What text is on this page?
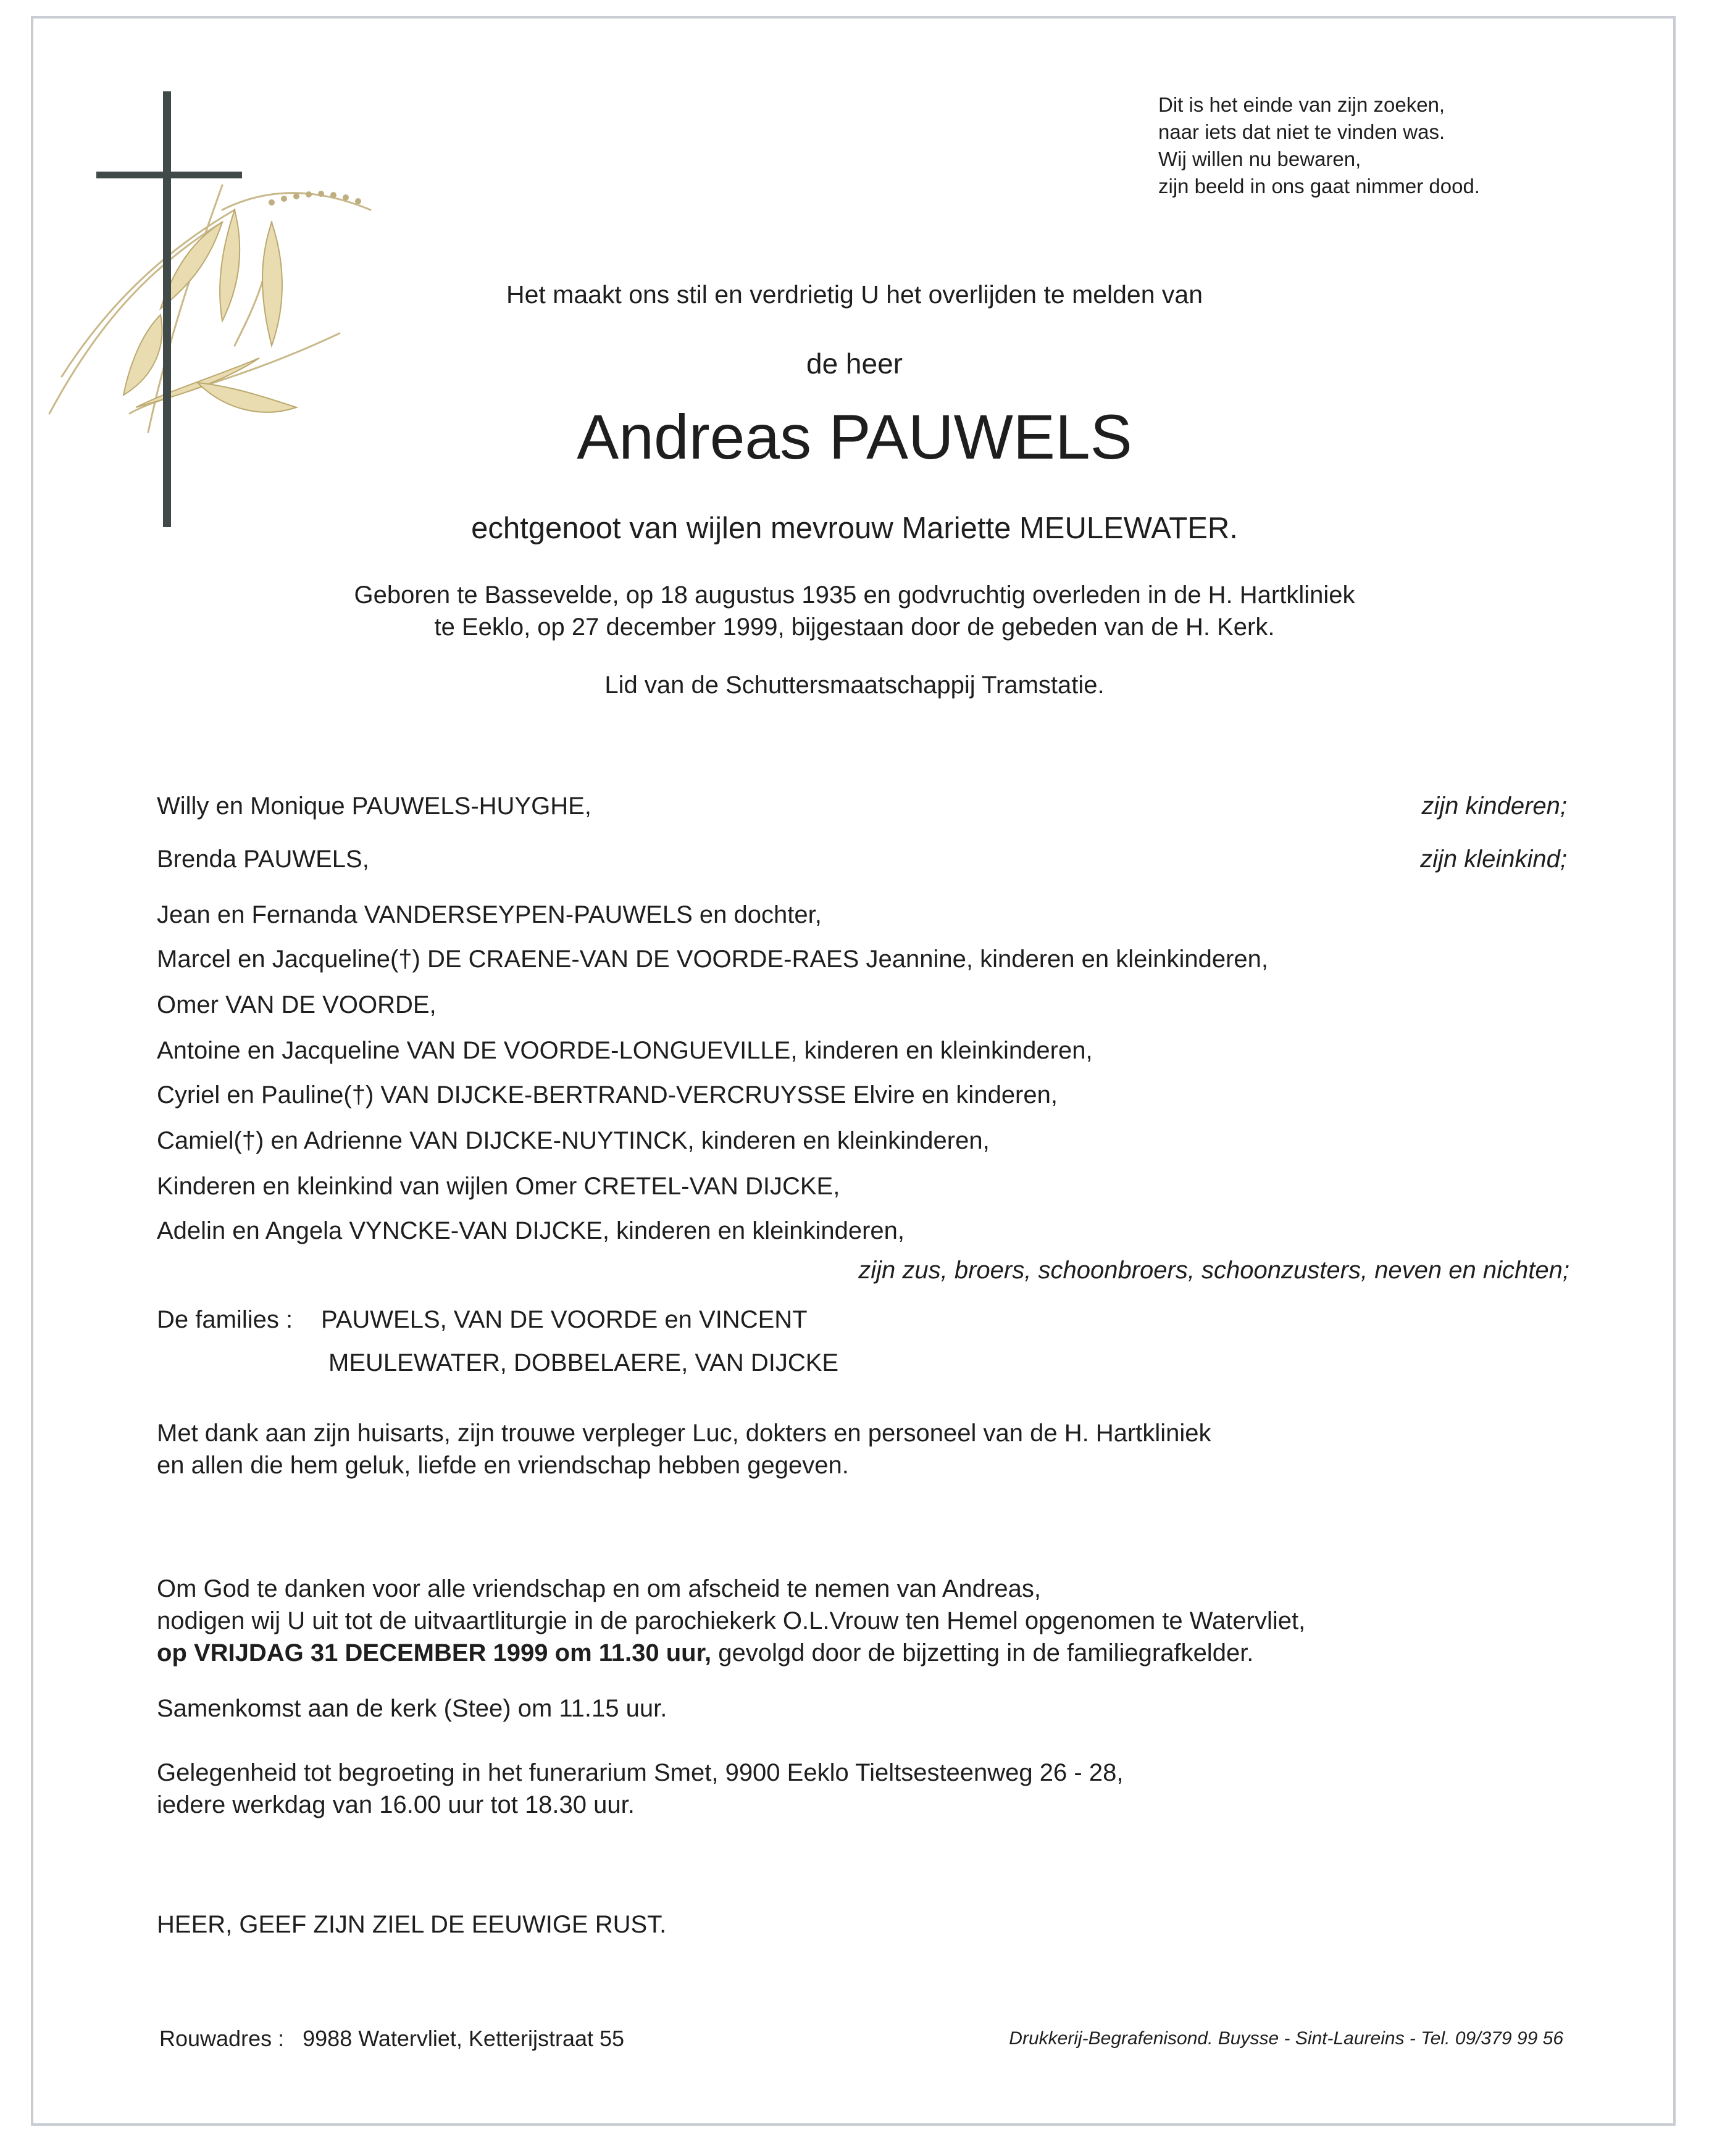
Dit is het einde van zijn zoeken,
naar iets dat niet te vinden was.
Wij willen nu bewaren,
zijn beeld in ons gaat nimmer dood.
Het maakt ons stil en verdrietig U het overlijden te melden van
de heer
Andreas PAUWELS
echtgenoot van wijlen mevrouw Mariette MEULEWATER.
Geboren te Bassevelde, op 18 augustus 1935 en godvruchtig overleden in de H. Hartkliniek
te Eeklo, op 27 december 1999, bijgestaan door de gebeden van de H. Kerk.
Lid van de Schuttersmaatschappij Tramstatie.
Willy en Monique PAUWELS-HUYGHE,	zijn kinderen;
Brenda PAUWELS,	zijn kleinkind;
Jean en Fernanda VANDERSEYPEN-PAUWELS en dochter,
Marcel en Jacqueline(†) DE CRAENE-VAN DE VOORDE-RAES Jeannine, kinderen en kleinkinderen,
Omer VAN DE VOORDE,
Antoine en Jacqueline VAN DE VOORDE-LONGUEVILLE, kinderen en kleinkinderen,
Cyriel en Pauline(†) VAN DIJCKE-BERTRAND-VERCRUYSSE Elvire en kinderen,
Camiel(†) en Adrienne VAN DIJCKE-NUYTINCK, kinderen en kleinkinderen,
Kinderen en kleinkind van wijlen Omer CRETEL-VAN DIJCKE,
Adelin en Angela VYNCKE-VAN DIJCKE, kinderen en kleinkinderen,
zijn zus, broers, schoonbroers, schoonzusters, neven en nichten;
De families : PAUWELS, VAN DE VOORDE en VINCENT
MEULEWATER, DOBBELAERE, VAN DIJCKE
Met dank aan zijn huisarts, zijn trouwe verpleger Luc, dokters en personeel van de H. Hartkliniek
en allen die hem geluk, liefde en vriendschap hebben gegeven.
Om God te danken voor alle vriendschap en om afscheid te nemen van Andreas,
nodigen wij U uit tot de uitvaartliturgie in de parochiekerk O.L.Vrouw ten Hemel opgenomen te Watervliet,
op VRIJDAG 31 DECEMBER 1999 om 11.30 uur, gevolgd door de bijzetting in de familiegrafkelder.
Samenkomst aan de kerk (Stee) om 11.15 uur.
Gelegenheid tot begroeting in het funerarium Smet, 9900 Eeklo Tieltsesteenweg 26 - 28,
iedere werkdag van 16.00 uur tot 18.30 uur.
HEER, GEEF ZIJN ZIEL DE EEUWIGE RUST.
Rouwadres : 9988 Watervliet, Ketterijstraat 55	Drukkerij-Begrafenisond. Buysse - Sint-Laureins - Tel. 09/379 99 56
